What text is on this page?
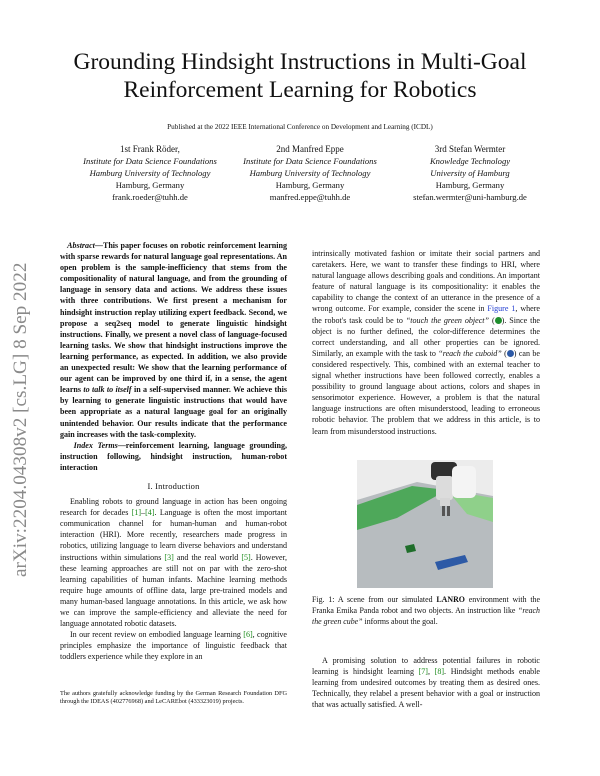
arXiv:2204.04308v2 [cs.LG] 8 Sep 2022
Grounding Hindsight Instructions in Multi-Goal
Reinforcement Learning for Robotics
Published at the 2022 IEEE International Conference on Development and Learning (ICDL)
1st Frank Röder,
Institute for Data Science Foundations
Hamburg University of Technology
Hamburg, Germany
frank.roeder@tuhh.de
2nd Manfred Eppe
Institute for Data Science Foundations
Hamburg University of Technology
Hamburg, Germany
manfred.eppe@tuhh.de
3rd Stefan Wermter
Knowledge Technology
University of Hamburg
Hamburg, Germany
stefan.wermter@uni-hamburg.de

Abstract—This paper focuses on robotic reinforcement learning with sparse rewards for natural language goal representations. An open problem is the sample-inefficiency that stems from the compositionality of natural language, and from the grounding of language in sensory data and actions. We address these issues with three contributions. We first present a mechanism for hindsight instruction replay utilizing expert feedback. Second, we propose a seq2seq model to generate linguistic hindsight instructions. Finally, we present a novel class of language-focused learning tasks. We show that hindsight instructions improve the learning performance, as expected. In addition, we also provide an unexpected result: We show that the learning performance of our agent can be improved by one third if, in a sense, the agent learns to talk to itself in a self-supervised manner. We achieve this by learning to generate linguistic instructions that would have been appropriate as a natural language goal for an originally unintended behavior. Our results indicate that the performance gain increases with the task-complexity.

Index Terms—reinforcement learning, language grounding, instruction following, hindsight instruction, human-robot interaction

I. Introduction

Enabling robots to ground language in action has been ongoing research for decades [1]–[4]. Language is often the most important communication channel for human-human and human-robot interaction (HRI). More recently, researchers made progress in robotics, utilizing language to learn diverse behaviors and understand instructions within simulations [3] and the real world [5]. However, these learning approaches are still not on par with the zero-shot learning capabilities of human infants. Machine learning methods require huge amounts of offline data, large pre-trained models and many human-based language annotations. In this article, we ask how we can improve the sample-efficiency and alleviate the need for language annotated robotic datasets.

In our recent review on embodied language learning [6], cognitive principles emphasize the importance of linguistic feedback that toddlers experience while they explore in an

The authors gratefully acknowledge funding by the German Research Foundation DFG through the IDEAS (402776968) and LeCAREbot (433323019) projects.

intrinsically motivated fashion or imitate their social partners and caretakers. Here, we want to transfer these findings to HRI, where natural language allows describing goals and conditions. An important feature of natural language is its compositionality: it enables the capability to change the context of an utterance in the presence of a wrong outcome. For example, consider the scene in Figure 1, where the robot's task could be to “touch the green object” ( ). Since the object is no further defined, the color-difference determines the correct understanding, and all other properties can be ignored. Similarly, an example with the task to “reach the cuboid” ( ) can be considered respectively. This, combined with an external teacher to signal whether instructions have been followed correctly, enables a possibility to ground language about actions, colors and shapes in sensorimotor experience. However, a problem is that the natural language instructions are often misunderstood, leading to erroneous robotic behavior. The problem that we address in this article, is to learn from misunderstood instructions.

Fig. 1: A scene from our simulated LANRO environment with the Franka Emika Panda robot and two objects. An instruction like “reach the green cube” informs about the goal.

A promising solution to address potential failures in robotic learning is hindsight learning [7], [8]. Hindsight methods enable learning from undesired outcomes by treating them as desired ones. Technically, they relabel a present behavior with a goal or instruction that was actually satisfied. A well-
